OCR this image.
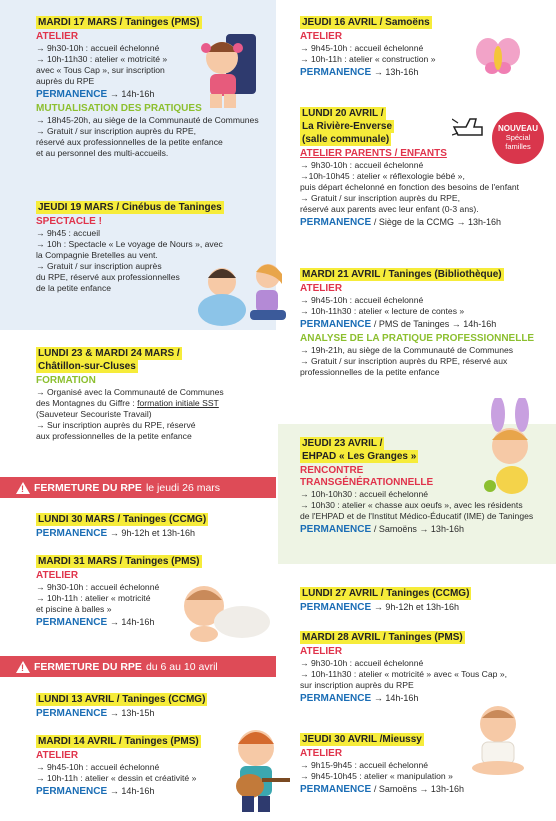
MARDI 17 MARS / Taninges (PMS)
ATELIER
→ 9h30-10h : accueil échelonné
→ 10h-11h30 : atelier « motricité »
avec « Tous Cap », sur inscription
auprès du RPE
PERMANENCE → 14h-16h
MUTUALISATION DES PRATIQUES
→ 18h45-20h, au siège de la Communauté de Communes
→ Gratuit / sur inscription auprès du RPE,
réservé aux professionnelles de la petite enfance
et au personnel des multi-accueils.
JEUDI 19 MARS / Cinébus de Taninges
SPECTACLE !
→ 9h45 : accueil
→ 10h : Spectacle « Le voyage de Nours », avec
la Compagnie Bretelles au vent.
→ Gratuit / sur inscription auprès
du RPE, réservé aux professionnelles
de la petite enfance
LUNDI 23 & MARDI 24 MARS /
Châtillon-sur-Cluses
FORMATION
→ Organisé avec la Communauté de Communes
des Montagnes du Giffre : formation initiale SST
(Sauveteur Secouriste Travail)
→ Sur inscription auprès du RPE, réservé
aux professionnelles de la petite enfance
!
FERMETURE DU RPE le jeudi 26 mars
LUNDI 30 MARS / Taninges (CCMG)
PERMANENCE → 9h-12h et 13h-16h
MARDI 31 MARS / Taninges (PMS)
ATELIER
→ 9h30-10h : accueil échelonné
→ 10h-11h : atelier « motricité
et piscine à balles »
PERMANENCE → 14h-16h
!
FERMETURE DU RPE du 6 au 10 avril
LUNDI 13 AVRIL / Taninges (CCMG)
PERMANENCE → 13h-15h
MARDI 14 AVRIL / Taninges (PMS)
ATELIER
→ 9h45-10h : accueil échelonné
→ 10h-11h : atelier « dessin et créativité »
PERMANENCE → 14h-16h
JEUDI 16 AVRIL / Samoëns
ATELIER
→ 9h45-10h : accueil échelonné
→ 10h-11h : atelier « construction »
PERMANENCE → 13h-16h
LUNDI 20 AVRIL /
La Rivière-Enverse
(salle communale)
ATELIER PARENTS / ENFANTS
→ 9h30-10h : accueil échelonné
→10h-10h45 : atelier « réflexologie bébé »,
puis départ échelonné en fonction des besoins de l'enfant
→ Gratuit / sur inscription auprès du RPE,
réservé aux parents avec leur enfant (0-3 ans).
PERMANENCE / Siège de la CCMG → 13h-16h
NOUVEAU
Spécial
familles
MARDI 21 AVRIL / Taninges (Bibliothèque)
ATELIER
→ 9h45-10h : accueil échelonné
→ 10h-11h30 : atelier « lecture de contes »
PERMANENCE / PMS de Taninges → 14h-16h
ANALYSE DE LA PRATIQUE PROFESSIONNELLE
→ 19h-21h, au siège de la Communauté de Communes
→ Gratuit / sur inscription auprès du RPE, réservé aux
professionnelles de la petite enfance
JEUDI 23 AVRIL /
EHPAD « Les Granges »
RENCONTRE
TRANSGÉNÉRATIONNELLE
→ 10h-10h30 : accueil échelonné
→ 10h30 : atelier « chasse aux oeufs », avec les résidents
de l'EHPAD et de l'Institut Médico-Éducatif (IME) de Taninges
PERMANENCE / Samoëns → 13h-16h
LUNDI 27 AVRIL / Taninges (CCMG)
PERMANENCE → 9h-12h et 13h-16h
MARDI 28 AVRIL / Taninges (PMS)
ATELIER
→ 9h30-10h : accueil échelonné
→ 10h-11h30 : atelier « motricité » avec « Tous Cap »,
sur inscription auprès du RPE
PERMANENCE → 14h-16h
JEUDI 30 AVRIL /Mieussy
ATELIER
→ 9h15-9h45 : accueil échelonné
→ 9h45-10h45 : atelier « manipulation »
PERMANENCE / Samoëns → 13h-16h
